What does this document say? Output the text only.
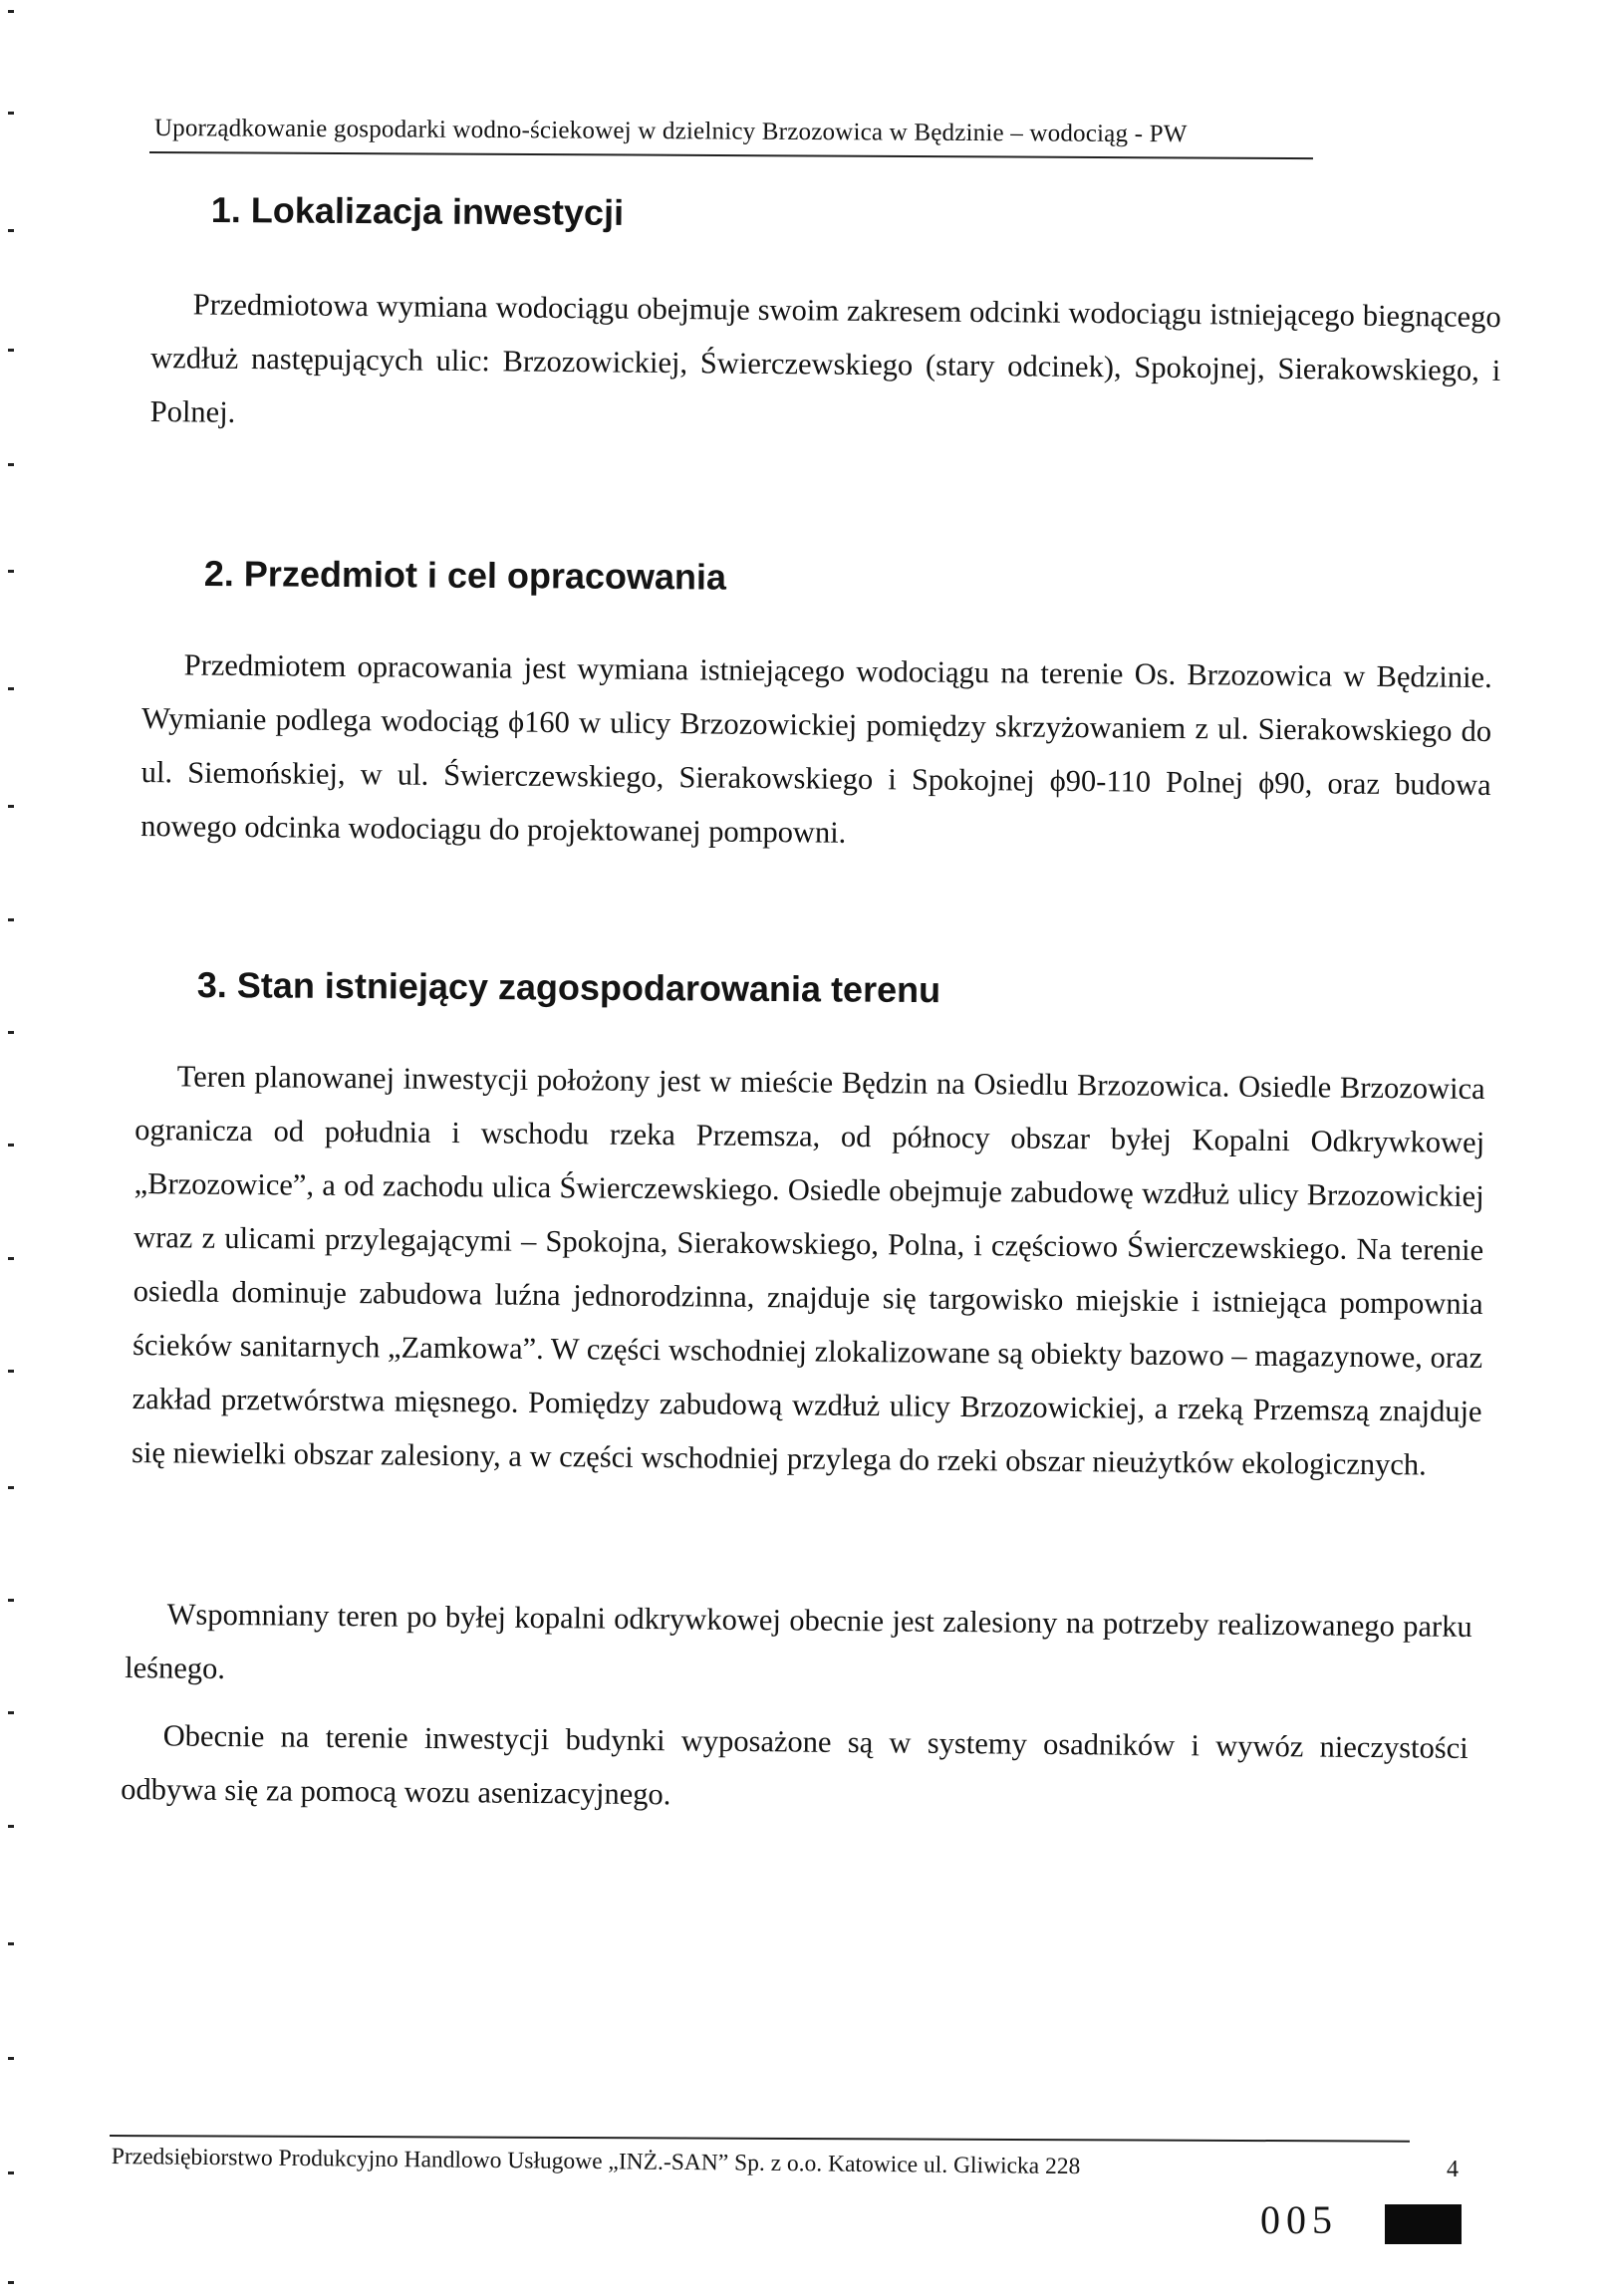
Uporządkowanie gospodarki wodno-ściekowej w dzielnicy Brzozowica w Będzinie – wodociąg - PW
1. Lokalizacja inwestycji
Przedmiotowa wymiana wodociągu obejmuje swoim zakresem odcinki wodociągu istniejącego biegnącego wzdłuż następujących ulic: Brzozowickiej, Świerczewskiego (stary odcinek), Spokojnej, Sierakowskiego, i Polnej.
2. Przedmiot i cel opracowania
Przedmiotem opracowania jest wymiana istniejącego wodociągu na terenie Os. Brzozowica w Będzinie. Wymianie podlega wodociąg ϕ160 w ulicy Brzozowickiej pomiędzy skrzyżowaniem z ul. Sierakowskiego do ul. Siemońskiej, w ul. Świerczewskiego, Sierakowskiego i Spokojnej ϕ90-110 Polnej ϕ90, oraz budowa nowego odcinka wodociągu do projektowanej pompowni.
3. Stan istniejący zagospodarowania terenu
Teren planowanej inwestycji położony jest w mieście Będzin na Osiedlu Brzozowica. Osiedle Brzozowica ogranicza od południa i wschodu rzeka Przemsza, od północy obszar byłej Kopalni Odkrywkowej „Brzozowice”, a od zachodu ulica Świerczewskiego. Osiedle obejmuje zabudowę wzdłuż ulicy Brzozowickiej wraz z ulicami przylegającymi – Spokojna, Sierakowskiego, Polna, i częściowo Świerczewskiego. Na terenie osiedla dominuje zabudowa luźna jednorodzinna, znajduje się targowisko miejskie i istniejąca pompownia ścieków sanitarnych „Zamkowa”. W części wschodniej zlokalizowane są obiekty bazowo – magazynowe, oraz zakład przetwórstwa mięsnego. Pomiędzy zabudową wzdłuż ulicy Brzozowickiej, a rzeką Przemszą znajduje się niewielki obszar zalesiony, a w części wschodniej przylega do rzeki obszar nieużytków ekologicznych.
Wspomniany teren po byłej kopalni odkrywkowej obecnie jest zalesiony na potrzeby realizowanego parku leśnego.
Obecnie na terenie inwestycji budynki wyposażone są w systemy osadników i wywóz nieczystości odbywa się za pomocą wozu asenizacyjnego.
Przedsiębiorstwo Produkcyjno Handlowo Usługowe „INŻ.-SAN” Sp. z o.o. Katowice ul. Gliwicka 228	4
005
